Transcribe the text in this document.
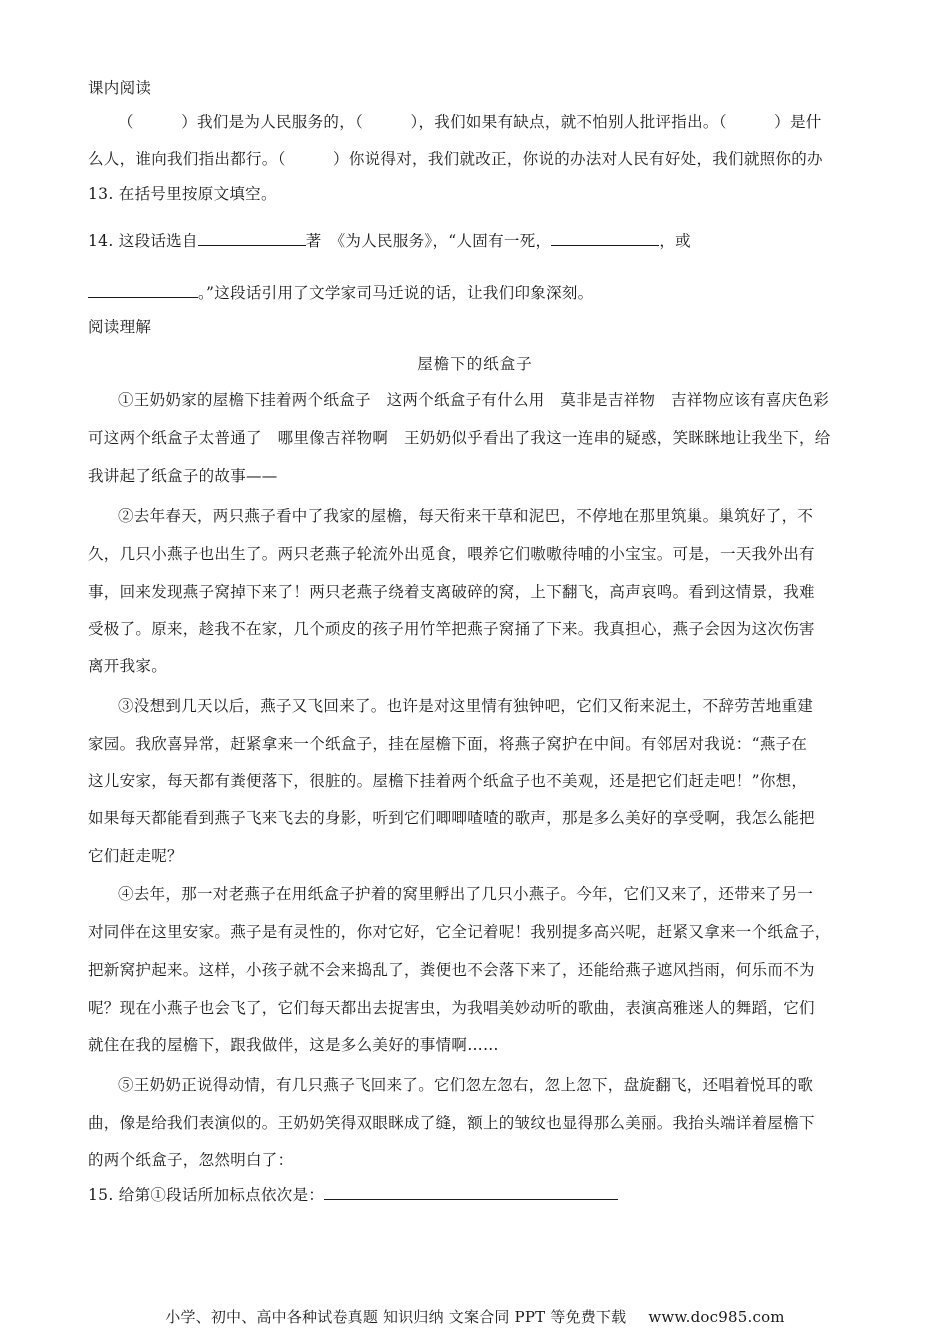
课内阅读
（　　　）我们是为人民服务的，（　　　），我们如果有缺点，就不怕别人批评指出。（　　　）是什
么人，谁向我们指出都行。（　　　）你说得对，我们就改正，你说的办法对人民有好处，我们就照你的办
13. 在括号里按原文填空。
14. 这段话选自	著　《为人民服务》，“人固有一死，	，或
。”这段话引用了文学家司马迁说的话，让我们印象深刻。
阅读理解
屋檐下的纸盒子
①王奶奶家的屋檐下挂着两个纸盒子　这两个纸盒子有什么用　莫非是吉祥物　吉祥物应该有喜庆色彩
可这两个纸盒子太普通了　哪里像吉祥物啊　王奶奶似乎看出了我这一连串的疑惑，笑眯眯地让我坐下，给
我讲起了纸盒子的故事——
②去年春天，两只燕子看中了我家的屋檐，每天衔来干草和泥巴，不停地在那里筑巢。巢筑好了，不
久，几只小燕子也出生了。两只老燕子轮流外出觅食，喂养它们嗷嗷待哺的小宝宝。可是，一天我外出有
事，回来发现燕子窝掉下来了！两只老燕子绕着支离破碎的窝，上下翻飞，高声哀鸣。看到这情景，我难
受极了。原来，趁我不在家，几个顽皮的孩子用竹竿把燕子窝捅了下来。我真担心，燕子会因为这次伤害
离开我家。
③没想到几天以后，燕子又飞回来了。也许是对这里情有独钟吧，它们又衔来泥土，不辞劳苦地重建
家园。我欣喜异常，赶紧拿来一个纸盒子，挂在屋檐下面，将燕子窝护在中间。有邻居对我说：“燕子在
这儿安家，每天都有粪便落下，很脏的。屋檐下挂着两个纸盒子也不美观，还是把它们赶走吧！”你想，
如果每天都能看到燕子飞来飞去的身影，听到它们唧唧喳喳的歌声，那是多么美好的享受啊，我怎么能把
它们赶走呢？
④去年，那一对老燕子在用纸盒子护着的窝里孵出了几只小燕子。今年，它们又来了，还带来了另一
对同伴在这里安家。燕子是有灵性的，你对它好，它全记着呢！我别提多高兴呢，赶紧又拿来一个纸盒子，
把新窝护起来。这样，小孩子就不会来捣乱了，粪便也不会落下来了，还能给燕子遮风挡雨，何乐而不为
呢？现在小燕子也会飞了，它们每天都出去捉害虫，为我唱美妙动听的歌曲，表演高雅迷人的舞蹈，它们
就住在我的屋檐下，跟我做伴，这是多么美好的事情啊……
⑤王奶奶正说得动情，有几只燕子飞回来了。它们忽左忽右，忽上忽下，盘旋翻飞，还唱着悦耳的歌
曲，像是给我们表演似的。王奶奶笑得双眼眯成了缝，额上的皱纹也显得那么美丽。我抬头端详着屋檐下
的两个纸盒子，忽然明白了：
15. 给第①段话所加标点依次是：
小学、初中、高中各种试卷真题 知识归纳 文案合同 PPT 等免费下载 www.doc985.com
